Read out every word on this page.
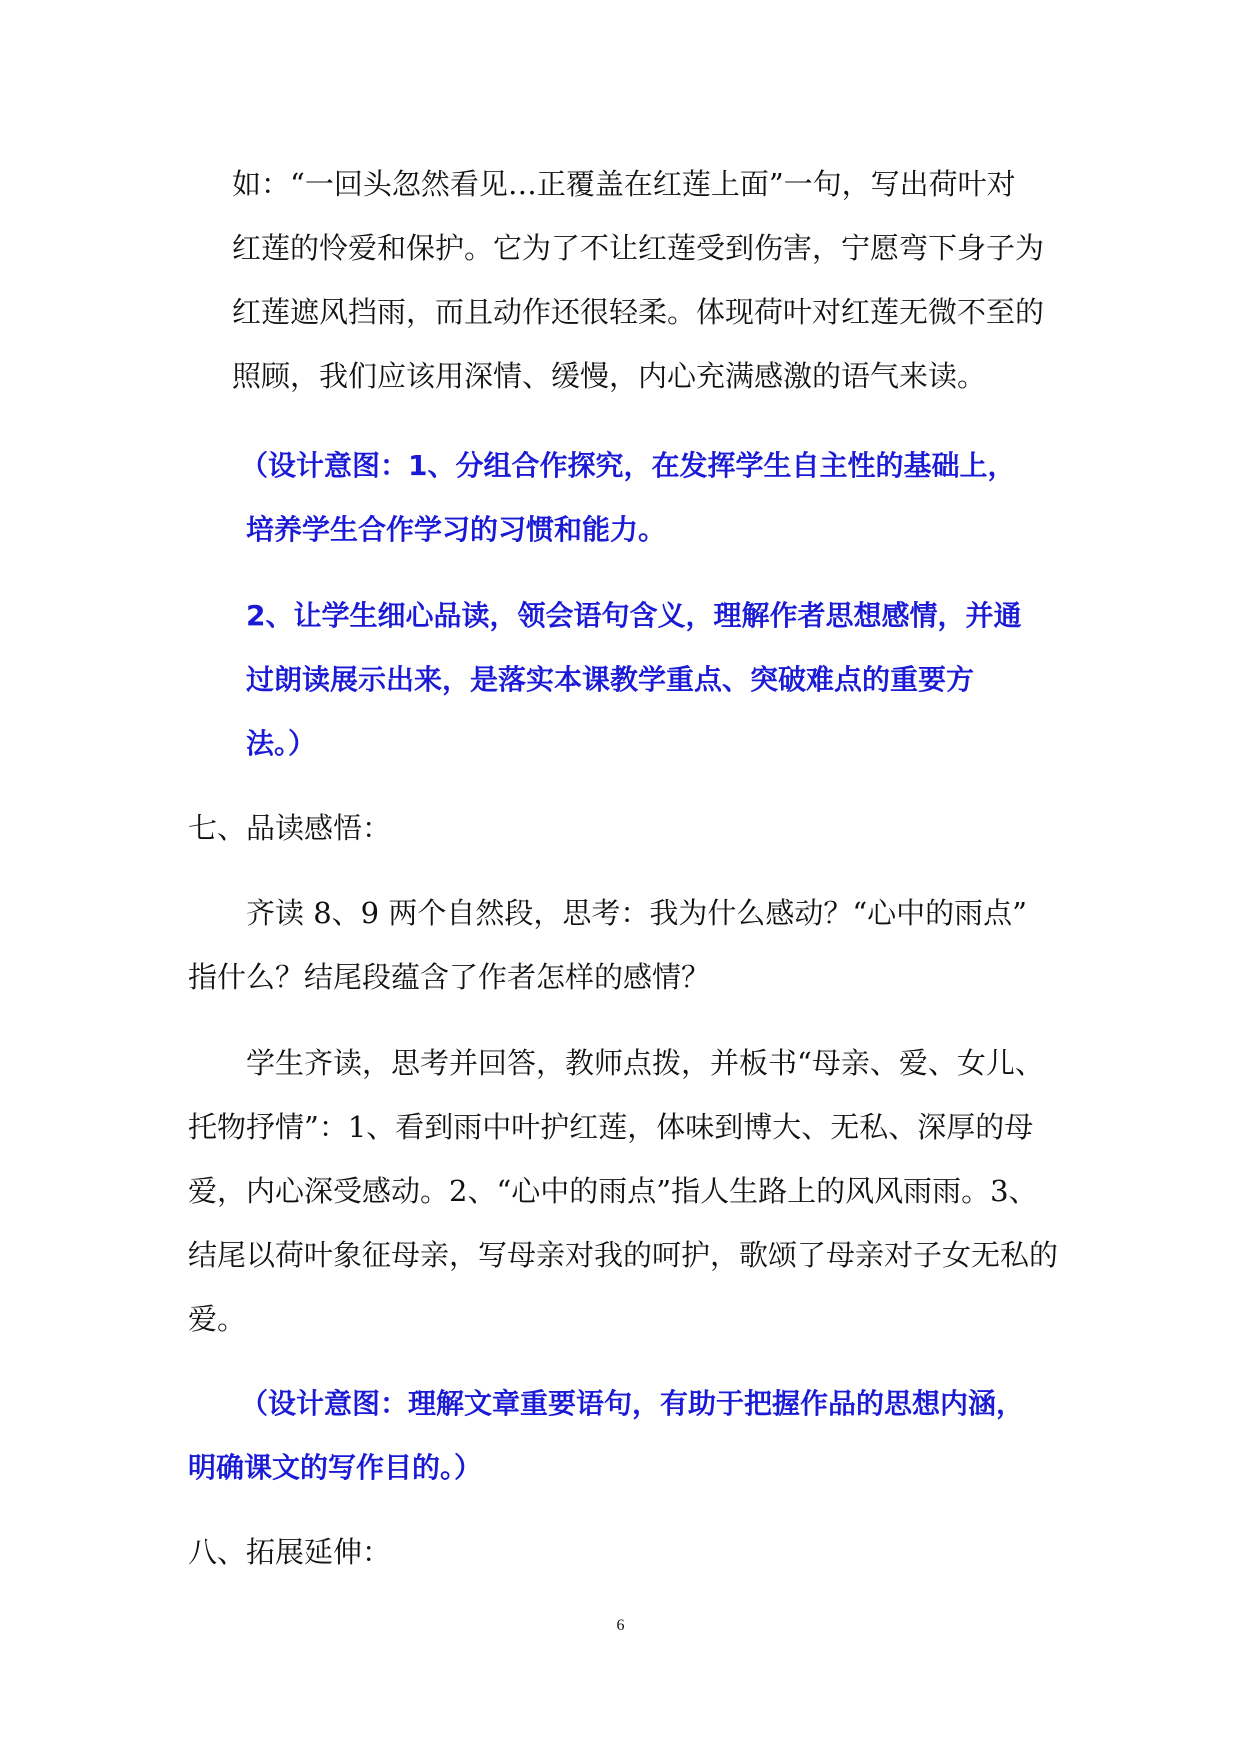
如：“一回头忽然看见…正覆盖在红莲上面”一句，写出荷叶对
红莲的怜爱和保护。它为了不让红莲受到伤害，宁愿弯下身子为
红莲遮风挡雨，而且动作还很轻柔。体现荷叶对红莲无微不至的
照顾，我们应该用深情、缓慢，内心充满感激的语气来读。
（设计意图：1、分组合作探究，在发挥学生自主性的基础上，
培养学生合作学习的习惯和能力。
2、让学生细心品读，领会语句含义，理解作者思想感情，并通
过朗读展示出来，是落实本课教学重点、突破难点的重要方
法。）
七、品读感悟：
齐读 8、9 两个自然段，思考：我为什么感动？“心中的雨点”
指什么？结尾段蕴含了作者怎样的感情？
学生齐读，思考并回答，教师点拨，并板书“母亲、爱、女儿、
托物抒情”：1、看到雨中叶护红莲，体味到博大、无私、深厚的母
爱，内心深受感动。2、“心中的雨点”指人生路上的风风雨雨。3、
结尾以荷叶象征母亲，写母亲对我的呵护，歌颂了母亲对子女无私的
爱。
（设计意图：理解文章重要语句，有助于把握作品的思想内涵，
明确课文的写作目的。）
八、拓展延伸：
6
